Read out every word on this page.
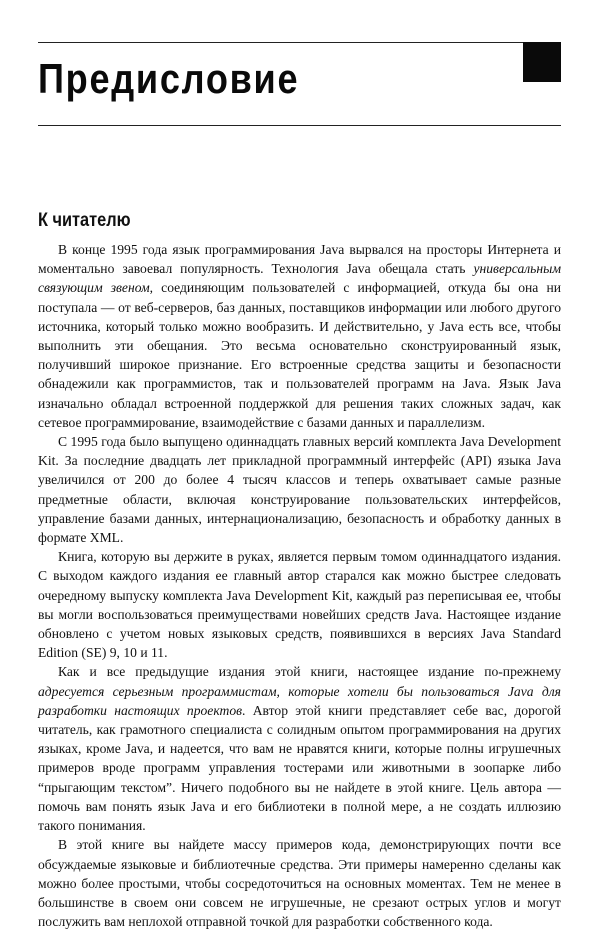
Предисловие
К читателю

В конце 1995 года язык программирования Java вырвался на просторы Интернета и моментально завоевал популярность. Технология Java обещала стать универсальным связующим звеном, соединяющим пользователей с информацией, откуда бы она ни поступала — от веб-серверов, баз данных, поставщиков информации или любого другого источника, который только можно вообразить. И действительно, у Java есть все, чтобы выполнить эти обещания. Это весьма основательно сконструированный язык, получивший широкое признание. Его встроенные средства защиты и безопасности обнадежили как программистов, так и пользователей программ на Java. Язык Java изначально обладал встроенной поддержкой для решения таких сложных задач, как сетевое программирование, взаимодействие с базами данных и параллелизм.

С 1995 года было выпущено одиннадцать главных версий комплекта Java Development Kit. За последние двадцать лет прикладной программный интерфейс (API) языка Java увеличился от 200 до более 4 тысяч классов и теперь охватывает самые разные предметные области, включая конструирование пользовательских интерфейсов, управление базами данных, интернационализацию, безопасность и обработку данных в формате XML.

Книга, которую вы держите в руках, является первым томом одиннадцатого издания. С выходом каждого издания ее главный автор старался как можно быстрее следовать очередному выпуску комплекта Java Development Kit, каждый раз переписывая ее, чтобы вы могли воспользоваться преимуществами новейших средств Java. Настоящее издание обновлено с учетом новых языковых средств, появившихся в версиях Java Standard Edition (SE) 9, 10 и 11.

Как и все предыдущие издания этой книги, настоящее издание по-прежнему адресуется серьезным программистам, которые хотели бы пользоваться Java для разработки настоящих проектов. Автор этой книги представляет себе вас, дорогой читатель, как грамотного специалиста с солидным опытом программирования на других языках, кроме Java, и надеется, что вам не нравятся книги, которые полны игрушечных примеров вроде программ управления тостерами или животными в зоопарке либо “прыгающим текстом”. Ничего подобного вы не найдете в этой книге. Цель автора — помочь вам понять язык Java и его библиотеки в полной мере, а не создать иллюзию такого понимания.

В этой книге вы найдете массу примеров кода, демонстрирующих почти все обсуждаемые языковые и библиотечные средства. Эти примеры намеренно сделаны как можно более простыми, чтобы сосредоточиться на основных моментах. Тем не менее в большинстве в своем они совсем не игрушечные, не срезают острых углов и могут послужить вам неплохой отправной точкой для разработки собственного кода.
